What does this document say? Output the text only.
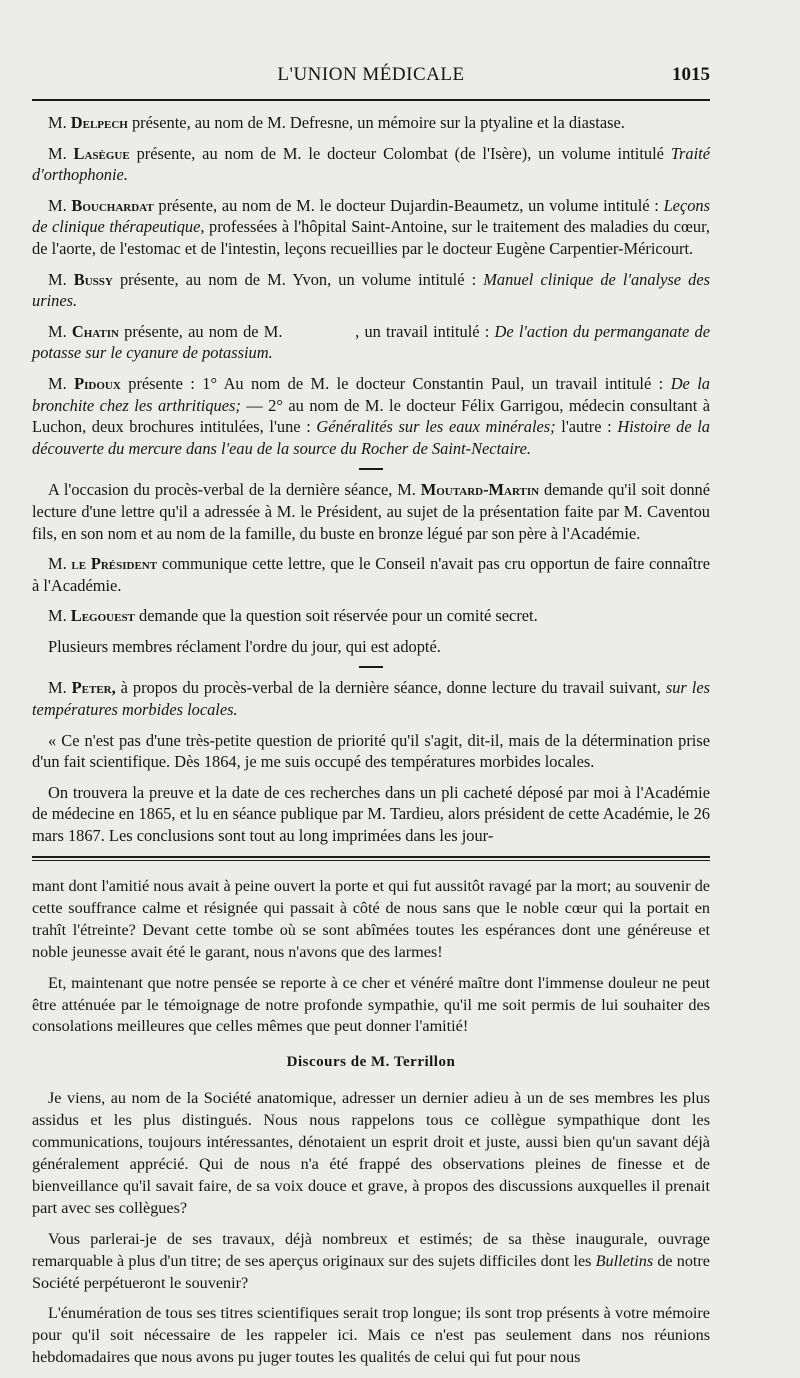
L'UNION MÉDICALE	1015

M. Delpech présente, au nom de M. Defresne, un mémoire sur la ptyaline et la diastase.

M. Lasègue présente, au nom de M. le docteur Colombat (de l'Isère), un volume intitulé Traité d'orthophonie.

M. Bouchardat présente, au nom de M. le docteur Dujardin-Beaumetz, un volume intitulé : Leçons de clinique thérapeutique, professées à l'hôpital Saint-Antoine, sur le traitement des maladies du cœur, de l'aorte, de l'estomac et de l'intestin, leçons recueillies par le docteur Eugène Carpentier-Méricourt.

M. Bussy présente, au nom de M. Yvon, un volume intitulé : Manuel clinique de l'analyse des urines.

M. Chatin présente, au nom de M.              , un travail intitulé : De l'action du permanganate de potasse sur le cyanure de potassium.

M. Pidoux présente : 1° Au nom de M. le docteur Constantin Paul, un travail intitulé : De la bronchite chez les arthritiques; — 2° au nom de M. le docteur Félix Garrigou, médecin consultant à Luchon, deux brochures intitulées, l'une : Généralités sur les eaux minérales; l'autre : Histoire de la découverte du mercure dans l'eau de la source du Rocher de Saint-Nectaire.

A l'occasion du procès-verbal de la dernière séance, M. Moutard-Martin demande qu'il soit donné lecture d'une lettre qu'il a adressée à M. le Président, au sujet de la présentation faite par M. Caventou fils, en son nom et au nom de la famille, du buste en bronze légué par son père à l'Académie.

M. le Président communique cette lettre, que le Conseil n'avait pas cru opportun de faire connaître à l'Académie.

M. Legouest demande que la question soit réservée pour un comité secret.

Plusieurs membres réclament l'ordre du jour, qui est adopté.

M. Peter, à propos du procès-verbal de la dernière séance, donne lecture du travail suivant, sur les températures morbides locales.

« Ce n'est pas d'une très-petite question de priorité qu'il s'agit, dit-il, mais de la détermination prise d'un fait scientifique. Dès 1864, je me suis occupé des températures morbides locales.

On trouvera la preuve et la date de ces recherches dans un pli cacheté déposé par moi à l'Académie de médecine en 1865, et lu en séance publique par M. Tardieu, alors président de cette Académie, le 26 mars 1867. Les conclusions sont tout au long imprimées dans les jour-

mant dont l'amitié nous avait à peine ouvert la porte et qui fut aussitôt ravagé par la mort; au souvenir de cette souffrance calme et résignée qui passait à côté de nous sans que le noble cœur qui la portait en trahît l'étreinte? Devant cette tombe où se sont abîmées toutes les espérances dont une généreuse et noble jeunesse avait été le garant, nous n'avons que des larmes!

Et, maintenant que notre pensée se reporte à ce cher et vénéré maître dont l'immense douleur ne peut être atténuée par le témoignage de notre profonde sympathie, qu'il me soit permis de lui souhaiter des consolations meilleures que celles mêmes que peut donner l'amitié!

Discours de M. Terrillon

Je viens, au nom de la Société anatomique, adresser un dernier adieu à un de ses membres les plus assidus et les plus distingués. Nous nous rappelons tous ce collègue sympathique dont les communications, toujours intéressantes, dénotaient un esprit droit et juste, aussi bien qu'un savant déjà généralement apprécié. Qui de nous n'a été frappé des observations pleines de finesse et de bienveillance qu'il savait faire, de sa voix douce et grave, à propos des discussions auxquelles il prenait part avec ses collègues?

Vous parlerai-je de ses travaux, déjà nombreux et estimés; de sa thèse inaugurale, ouvrage remarquable à plus d'un titre; de ses aperçus originaux sur des sujets difficiles dont les Bulletins de notre Société perpétueront le souvenir?

L'énumération de tous ses titres scientifiques serait trop longue; ils sont trop présents à votre mémoire pour qu'il soit nécessaire de les rappeler ici. Mais ce n'est pas seulement dans nos réunions hebdomadaires que nous avons pu juger toutes les qualités de celui qui fut pour nous
